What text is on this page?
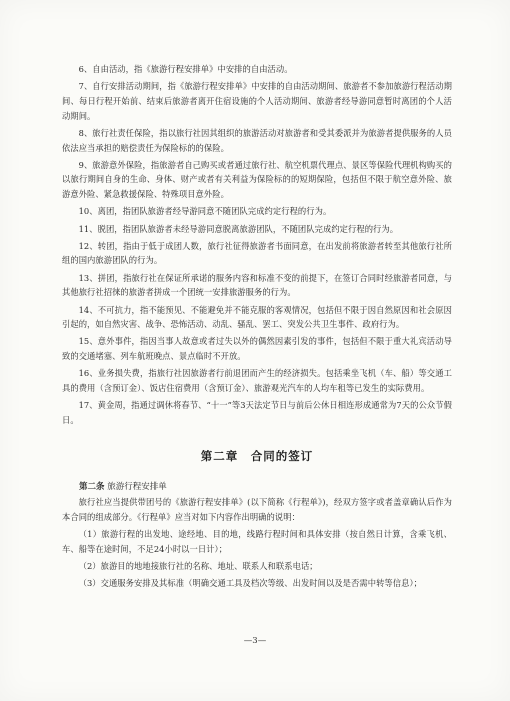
6、自由活动，指《旅游行程安排单》中安排的自由活动。

7、自行安排活动期间，指《旅游行程安排单》中安排的自由活动期间、旅游者不参加旅游行程活动期间、每日行程开始前、结束后旅游者离开住宿设施的个人活动期间、旅游者经导游同意暂时离团的个人活动期间。

8、旅行社责任保险，指以旅行社因其组织的旅游活动对旅游者和受其委派并为旅游者提供服务的人员依法应当承担的赔偿责任为保险标的的保险。

9、旅游意外保险，指旅游者自己购买或者通过旅行社、航空机票代理点、景区等保险代理机构购买的以旅行期间自身的生命、身体、财产或者有关利益为保险标的的短期保险，包括但不限于航空意外险、旅游意外险、紧急救援保险、特殊项目意外险。

10、离团，指团队旅游者经导游同意不随团队完成约定行程的行为。

11、脱团，指团队旅游者未经导游同意脱离旅游团队，不随团队完成约定行程的行为。

12、转团，指由于低于成团人数，旅行社征得旅游者书面同意，在出发前将旅游者转至其他旅行社所组的国内旅游团队的行为。

13、拼团，指旅行社在保证所承诺的服务内容和标准不变的前提下，在签订合同时经旅游者同意，与其他旅行社招徕的旅游者拼成一个团统一安排旅游服务的行为。

14、不可抗力，指不能预见、不能避免并不能克服的客观情况，包括但不限于因自然原因和社会原因引起的，如自然灾害、战争、恐怖活动、动乱、骚乱、罢工、突发公共卫生事件、政府行为。

15、意外事件，指因当事人故意或者过失以外的偶然因素引发的事件，包括但不限于重大礼宾活动导致的交通堵塞、列车航班晚点、景点临时不开放。

16、业务损失费，指旅行社因旅游者行前退团而产生的经济损失。包括乘坐飞机（车、船）等交通工具的费用（含预订金）、饭店住宿费用（含预订金）、旅游观光汽车的人均车租等已发生的实际费用。

17、黄金周，指通过调休将春节、“十一”等3天法定节日与前后公休日相连形成通常为7天的公众节假日。

第二章　合同的签订
第二条 旅游行程安排单

旅行社应当提供带团号的《旅游行程安排单》(以下简称《行程单》)，经双方签字或者盖章确认后作为本合同的组成部分。《行程单》应当对如下内容作出明确的说明：

（1）旅游行程的出发地、途经地、目的地，线路行程时间和具体安排（按自然日计算，含乘飞机、车、船等在途时间，不足24小时以一日计）；

（2）旅游目的地地接旅行社的名称、地址、联系人和联系电话；

（3）交通服务安排及其标准（明确交通工具及档次等级、出发时间以及是否需中转等信息）；

—3—
